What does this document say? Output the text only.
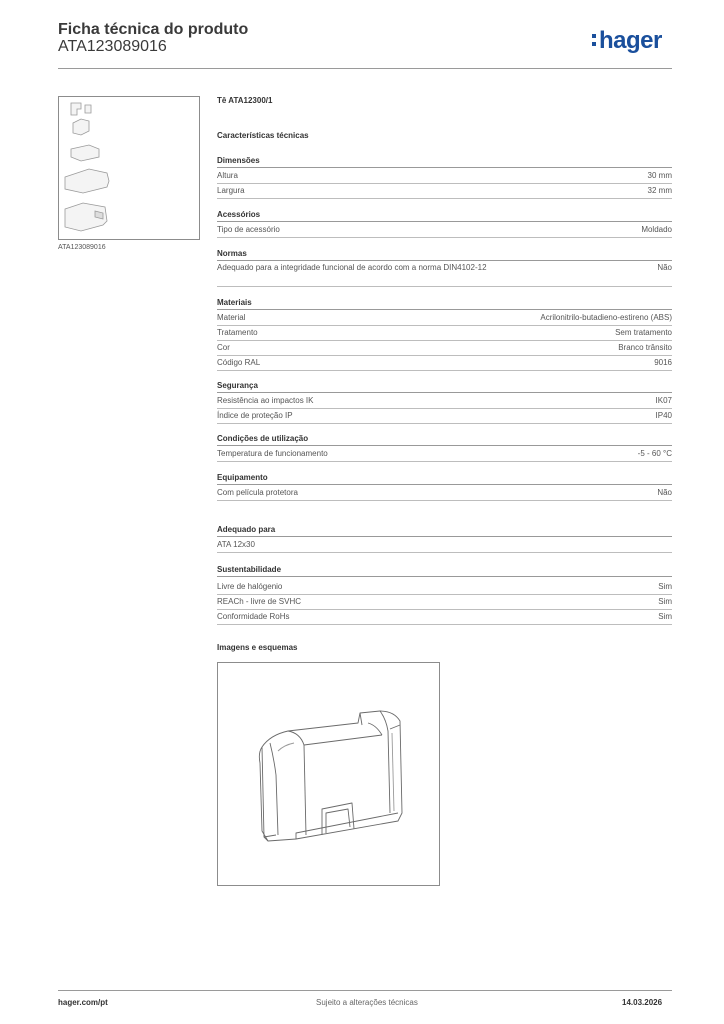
Ficha técnica do produto
ATA123089016	hager
ATA123089016
Tê ATA12300/1
Características técnicas
Dimensões
Altura	30 mm
Largura	32 mm
Acessórios
Tipo de acessório	Moldado
Normas
Adequado para a integridade funcional de acordo com a norma DIN4102-12	Não
Materiais
Material	Acrilonitrilo-butadieno-estireno (ABS)
Tratamento	Sem tratamento
Cor	Branco trânsito
Código RAL	9016
Segurança
Resistência ao impactos IK	IK07
Índice de proteção IP	IP40
Condições de utilização
Temperatura de funcionamento	-5 - 60 °C
Equipamento
Com película protetora	Não
Adequado para
ATA 12x30
Sustentabilidade
Livre de halógenio	Sim
REACh - livre de SVHC	Sim
Conformidade RoHs	Sim
Imagens e esquemas
hager.com/pt	Sujeito a alterações técnicas	14.03.2026
